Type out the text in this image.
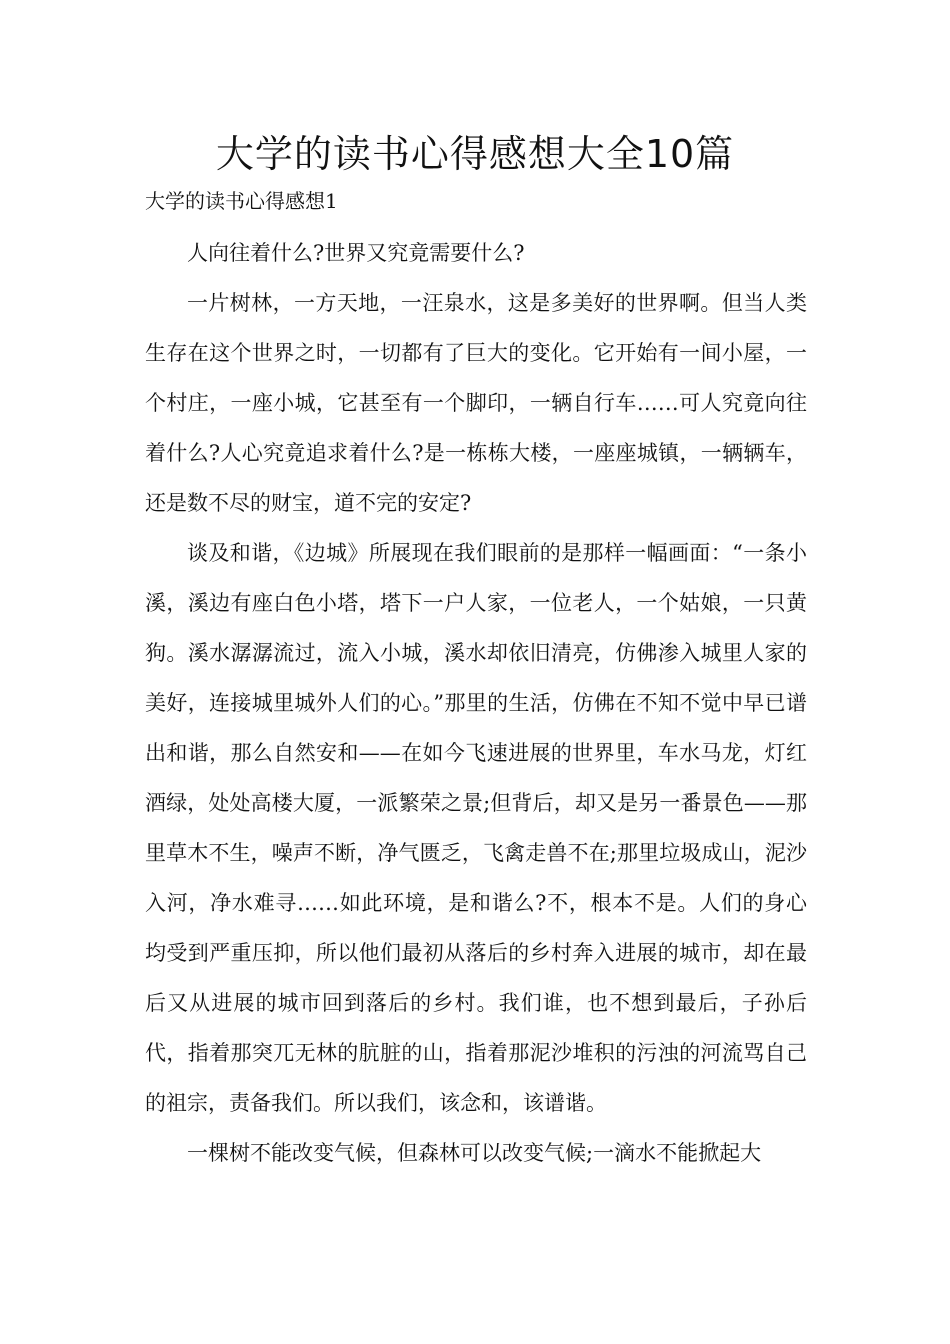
大学的读书心得感想大全10篇
大学的读书心得感想1

人向往着什么?世界又究竟需要什么?

一片树林，一方天地，一汪泉水，这是多美好的世界啊。但当人类生存在这个世界之时，一切都有了巨大的变化。它开始有一间小屋，一个村庄，一座小城，它甚至有一个脚印，一辆自行车……可人究竟向往着什么?人心究竟追求着什么?是一栋栋大楼，一座座城镇，一辆辆车，还是数不尽的财宝，道不完的安定?

谈及和谐，《边城》所展现在我们眼前的是那样一幅画面：“一条小溪，溪边有座白色小塔，塔下一户人家，一位老人，一个姑娘，一只黄狗。溪水潺潺流过，流入小城，溪水却依旧清亮，仿佛渗入城里人家的美好，连接城里城外人们的心。”那里的生活，仿佛在不知不觉中早已谱出和谐，那么自然安和——在如今飞速进展的世界里，车水马龙，灯红酒绿，处处高楼大厦，一派繁荣之景;但背后，却又是另一番景色——那里草木不生，噪声不断，净气匮乏，飞禽走兽不在;那里垃圾成山，泥沙入河，净水难寻……如此环境，是和谐么?不，根本不是。人们的身心均受到严重压抑，所以他们最初从落后的乡村奔入进展的城市，却在最后又从进展的城市回到落后的乡村。我们谁，也不想到最后，子孙后代，指着那突兀无林的肮脏的山，指着那泥沙堆积的污浊的河流骂自己的祖宗，责备我们。所以我们，该念和，该谱谐。

一棵树不能改变气候，但森林可以改变气候;一滴水不能掀起大
